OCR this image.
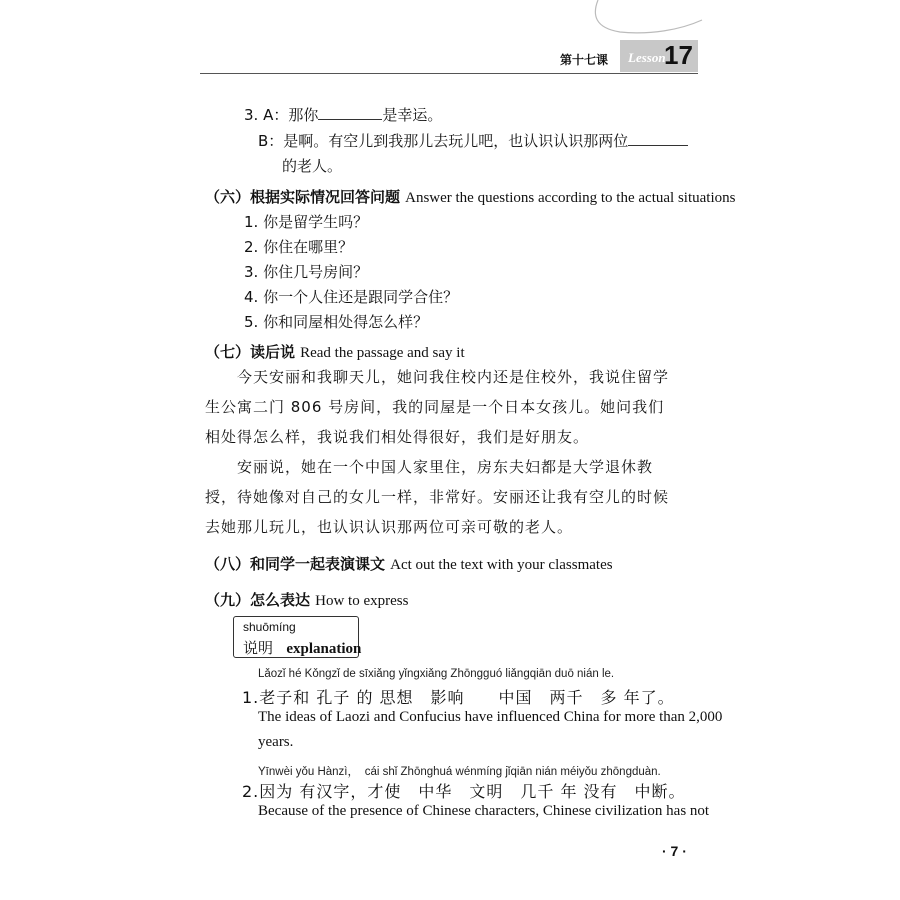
第十七课 Lesson
17
3. A：那你	是幸运。
B：是啊。有空儿到我那儿去玩儿吧，也认识认识那两位
的老人。
（六）根据实际情况回答问题 Answer the questions according to the actual situations
1. 你是留学生吗？
2. 你住在哪里？
3. 你住几号房间？
4. 你一个人住还是跟同学合住？
5. 你和同屋相处得怎么样？
（七）读后说 Read the passage and say it
　　今天安丽和我聊天儿，她问我住校内还是住校外，我说住留学生公寓二门 806 号房间，我的同屋是一个日本女孩儿。她问我们相处得怎么样，我说我们相处得很好，我们是好朋友。
　　安丽说，她在一个中国人家里住，房东夫妇都是大学退休教授，待她像对自己的女儿一样，非常好。安丽还让我有空儿的时候去她那儿玩儿，也认识认识那两位可亲可敬的老人。
（八）和同学一起表演课文 Act out the text with your classmates
（九）怎么表达 How to express
shuōmíng
说明 explanation
Lǎozǐ hé Kǒngzǐ de sīxiǎng yǐngxiǎng Zhōngguó liǎngqiān duō nián le.
1.老子和 孔子 的 思想　影响　　中国　两千　多 年了。
The ideas of Laozi and Confucius have influenced China for more than 2,000
years.
Yīnwèi yǒu Hànzì，　cái shǐ Zhōnghuá wénmíng jǐqiān nián méiyǒu zhōngduàn.
2.因为 有汉字，才使　中华　文明　几千 年 没有　中断。
Because of the presence of Chinese characters, Chinese civilization has not
· 7 ·
